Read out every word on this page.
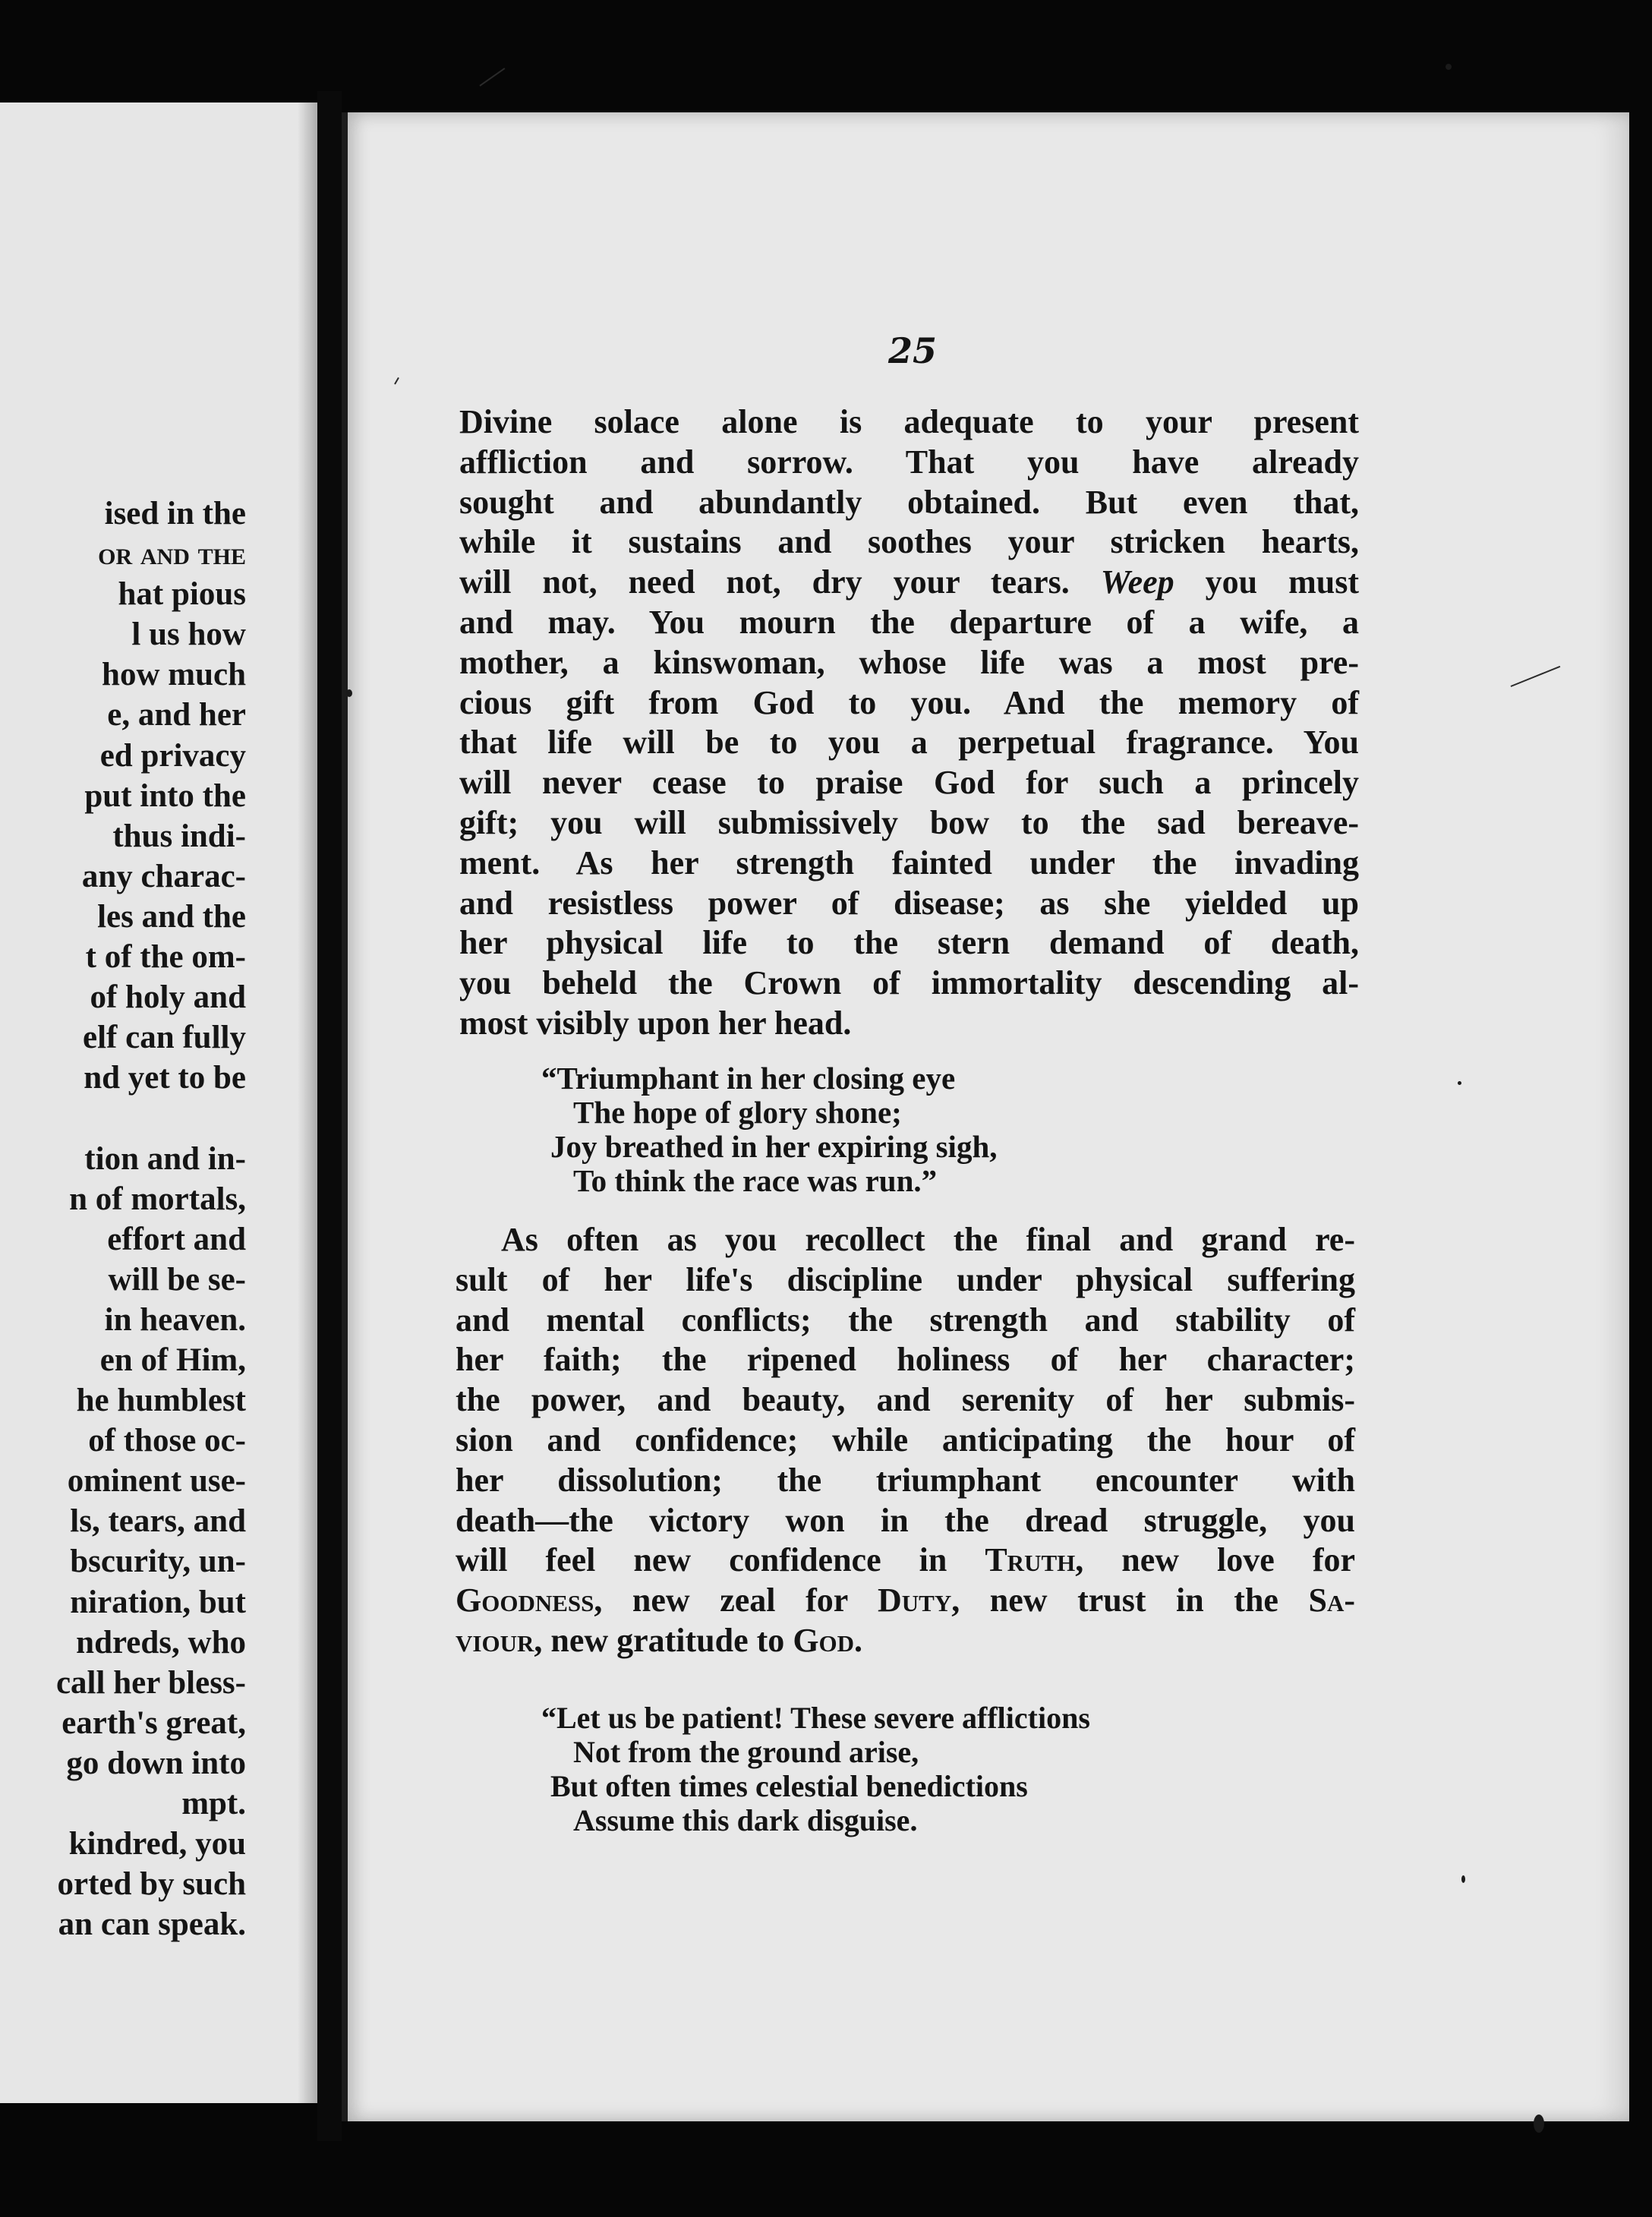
ised in the
or and the
hat pious
l us how
how much
e, and her
ed privacy
put into the
thus indi-
any charac-
les and the
t of the om-
of holy and
elf can fully
nd yet to be
tion and in-
n of mortals,
effort and
will be se-
in heaven.
en of Him,
he humblest
of those oc-
ominent use-
ls, tears, and
bscurity, un-
niration, but
ndreds, who
call her bless-
earth's great,
go down into
mpt.
kindred, you
orted by such
an can speak.

25

Divine solace alone is adequate to your present
affliction and sorrow. That you have already
sought and abundantly obtained. But even that,
while it sustains and soothes your stricken hearts,
will not, need not, dry your tears. Weep you must
and may. You mourn the departure of a wife, a
mother, a kinswoman, whose life was a most pre-
cious gift from God to you. And the memory of
that life will be to you a perpetual fragrance. You
will never cease to praise God for such a princely
gift; you will submissively bow to the sad bereave-
ment. As her strength fainted under the invading
and resistless power of disease; as she yielded up
her physical life to the stern demand of death,
you beheld the Crown of immortality descending al-
most visibly upon her head.
“Triumphant in her closing eye
The hope of glory shone;
Joy breathed in her expiring sigh,
To think the race was run.”
As often as you recollect the final and grand re-
sult of her life's discipline under physical suffering
and mental conflicts; the strength and stability of
her faith; the ripened holiness of her character;
the power, and beauty, and serenity of her submis-
sion and confidence; while anticipating the hour of
her dissolution; the triumphant encounter with
death—the victory won in the dread struggle, you
will feel new confidence in Truth, new love for
Goodness, new zeal for Duty, new trust in the Sa-
viour, new gratitude to God.
“Let us be patient! These severe afflictions
Not from the ground arise,
But often times celestial benedictions
Assume this dark disguise.
